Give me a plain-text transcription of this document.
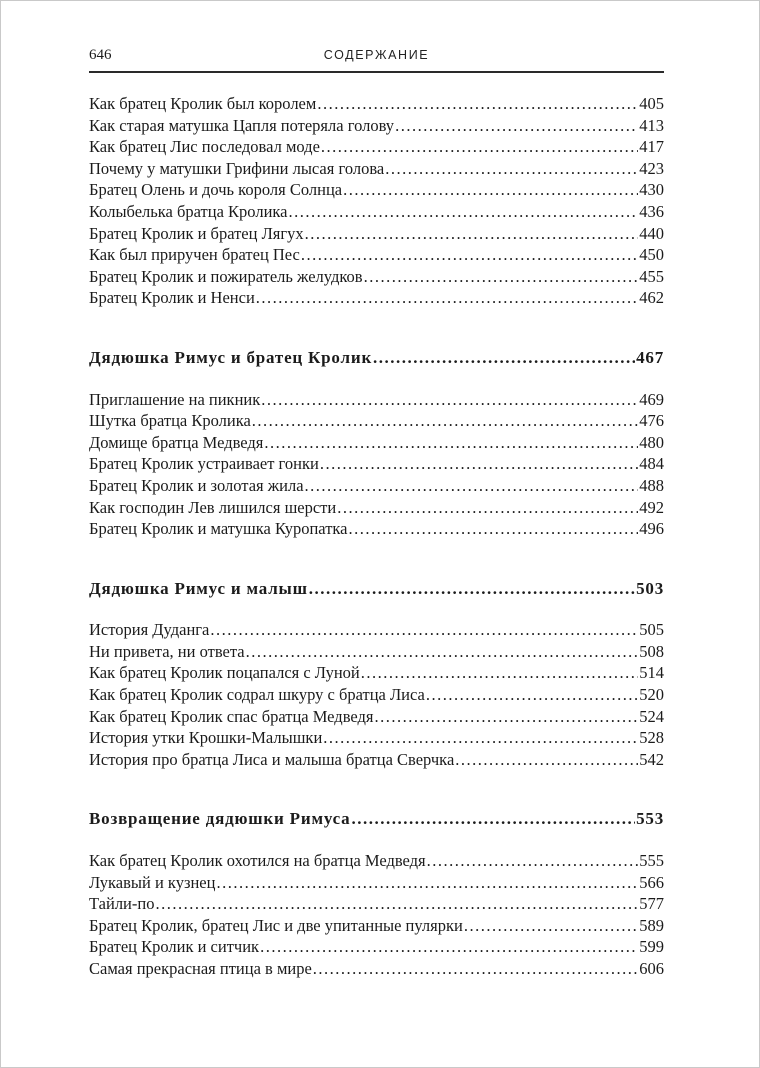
646	СОДЕРЖАНИЕ
Как братец Кролик был королем .....	405
Как старая матушка Цапля потеряла голову .....	413
Как братец Лис последовал моде .....	417
Почему у матушки Грифини лысая голова .....	423
Братец Олень и дочь короля Солнца .....	430
Колыбелька братца Кролика .....	436
Братец Кролик и братец Лягух .....	440
Как был приручен братец Пес .....	450
Братец Кролик и пожиратель желудков .....	455
Братец Кролик и Ненси .....	462
Дядюшка Римус и братец Кролик .....	467
Приглашение на пикник .....	469
Шутка братца Кролика .....	476
Домище братца Медведя .....	480
Братец Кролик устраивает гонки .....	484
Братец Кролик и золотая жила .....	488
Как господин Лев лишился шерсти .....	492
Братец Кролик и матушка Куропатка .....	496
Дядюшка Римус и малыш .....	503
История Дуданга .....	505
Ни привета, ни ответа .....	508
Как братец Кролик поцапался с Луной .....	514
Как братец Кролик содрал шкуру с братца Лиса .....	520
Как братец Кролик спас братца Медведя .....	524
История утки Крошки-Малышки .....	528
История про братца Лиса и малыша братца Сверчка .....	542
Возвращение дядюшки Римуса .....	553
Как братец Кролик охотился на братца Медведя .....	555
Лукавый и кузнец .....	566
Тайли-по .....	577
Братец Кролик, братец Лис и две упитанные пулярки .....	589
Братец Кролик и ситчик .....	599
Самая прекрасная птица в мире .....	606
